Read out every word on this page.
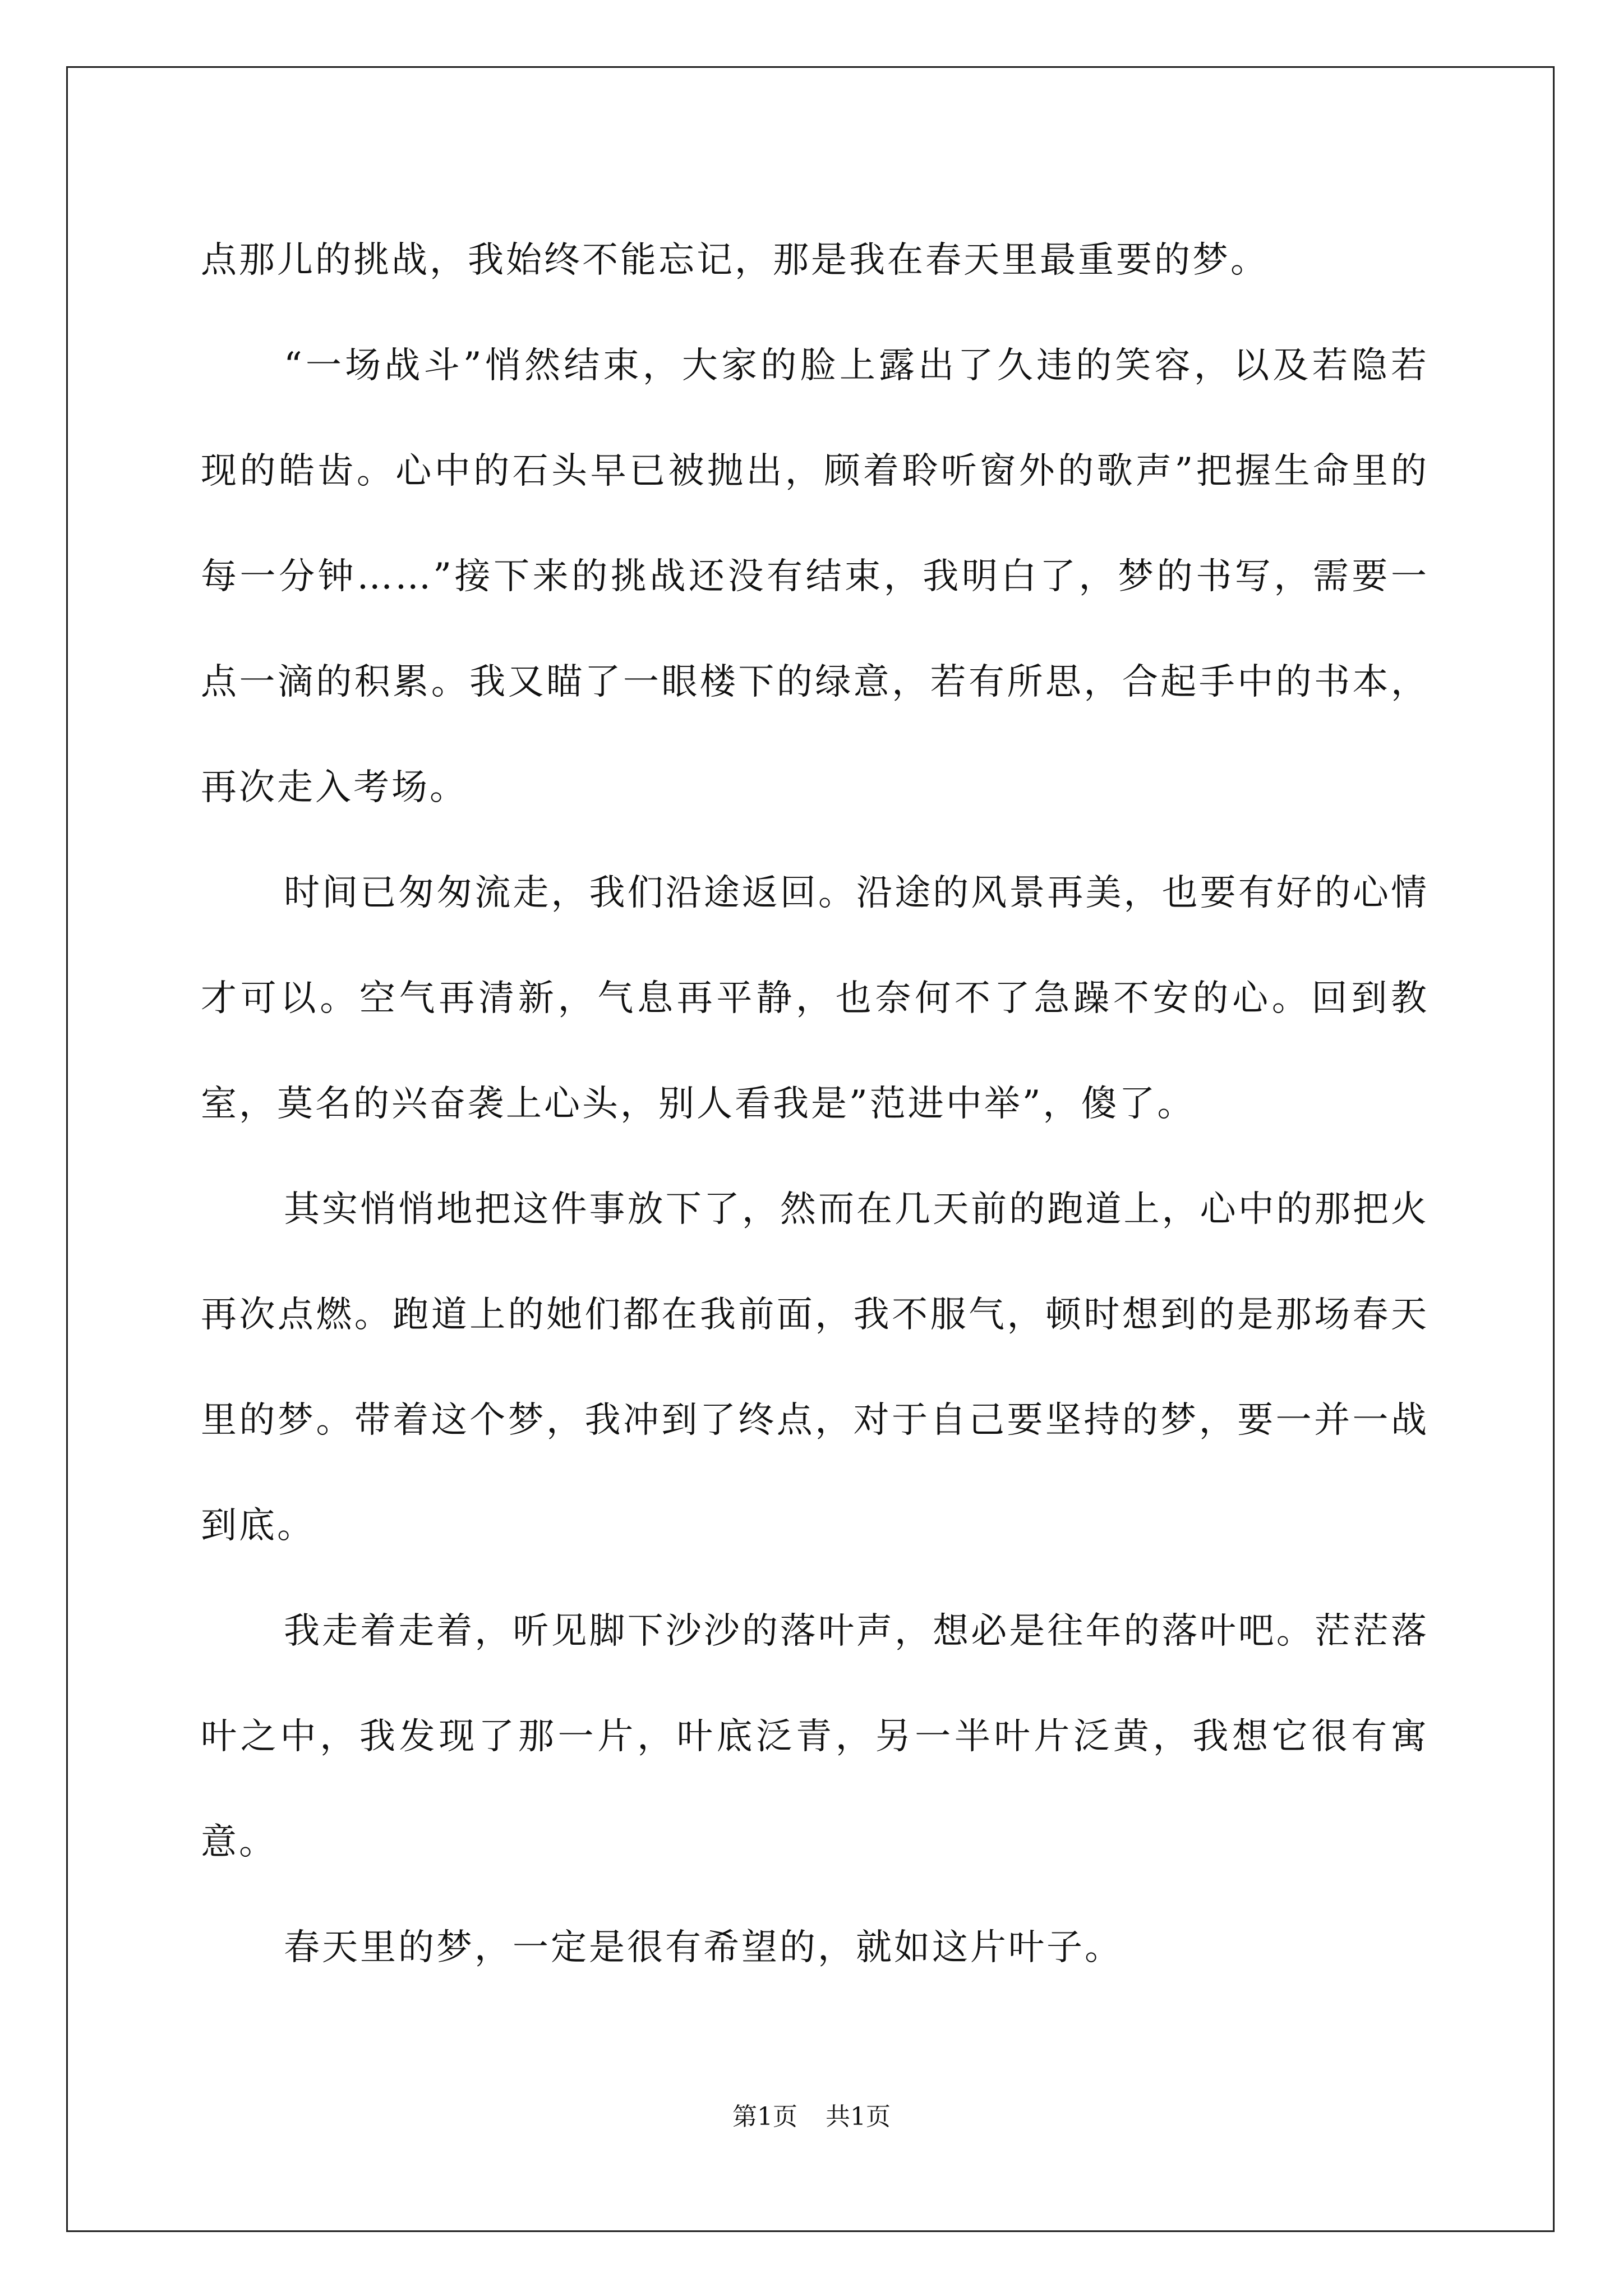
点那儿的挑战，我始终不能忘记，那是我在春天里最重要的梦。

“一场战斗”悄然结束，大家的脸上露出了久违的笑容，以及若隐若现的皓齿。心中的石头早已被抛出，顾着聆听窗外的歌声”把握生命里的每一分钟……”接下来的挑战还没有结束，我明白了，梦的书写，需要一点一滴的积累。我又瞄了一眼楼下的绿意，若有所思，合起手中的书本，再次走入考场。

时间已匆匆流走，我们沿途返回。沿途的风景再美，也要有好的心情才可以。空气再清新，气息再平静，也奈何不了急躁不安的心。回到教室，莫名的兴奋袭上心头，别人看我是”范进中举”，傻了。

其实悄悄地把这件事放下了，然而在几天前的跑道上，心中的那把火再次点燃。跑道上的她们都在我前面，我不服气，顿时想到的是那场春天里的梦。带着这个梦，我冲到了终点，对于自己要坚持的梦，要一并一战到底。

我走着走着，听见脚下沙沙的落叶声，想必是往年的落叶吧。茫茫落叶之中，我发现了那一片，叶底泛青，另一半叶片泛黄，我想它很有寓意。

春天里的梦，一定是很有希望的，就如这片叶子。

第1页 共1页
